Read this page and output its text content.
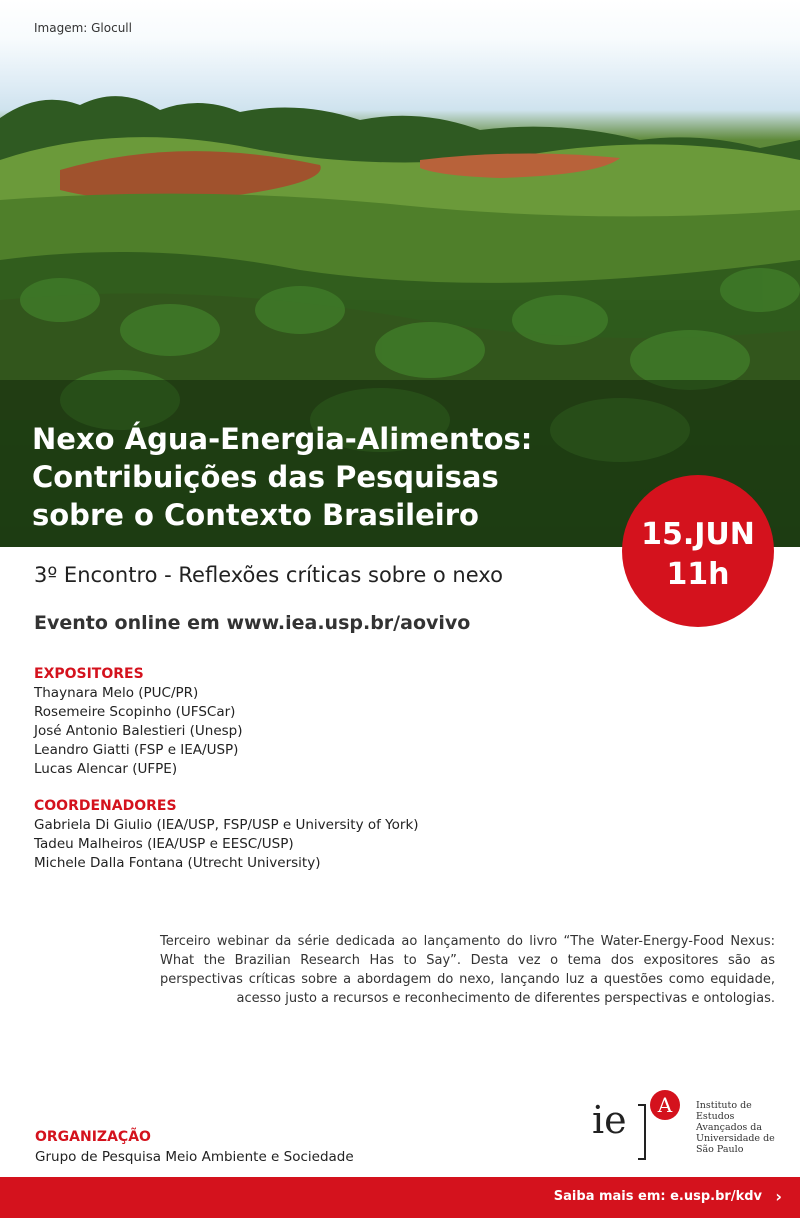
Imagem: Glocull
Nexo Água-Energia-Alimentos:
Contribuições das Pesquisas
sobre o Contexto Brasileiro
15.JUN
11h
3º Encontro - Reflexões críticas sobre o nexo
Evento online em www.iea.usp.br/aovivo
EXPOSITORES
Thaynara Melo (PUC/PR)
Rosemeire Scopinho (UFSCar)
José Antonio Balestieri (Unesp)
Leandro Giatti (FSP e IEA/USP)
Lucas Alencar (UFPE)
COORDENADORES
Gabriela Di Giulio (IEA/USP, FSP/USP e University of York)
Tadeu Malheiros (IEA/USP e EESC/USP)
Michele Dalla Fontana (Utrecht University)
Terceiro webinar da série dedicada ao lançamento do livro “The Water-Energy-Food Nexus: What the Brazilian Research Has to Say”. Desta vez o tema dos expositores são as perspectivas críticas sobre a abordagem do nexo, lançando luz a questões como equidade, acesso justo a recursos e reconhecimento de diferentes perspectivas e ontologias.
ORGANIZAÇÃO
Grupo de Pesquisa Meio Ambiente e Sociedade
ie	A	Instituto de
Estudos
Avançados da
Universidade de
São Paulo
Saiba mais em: e.usp.br/kdv ›
